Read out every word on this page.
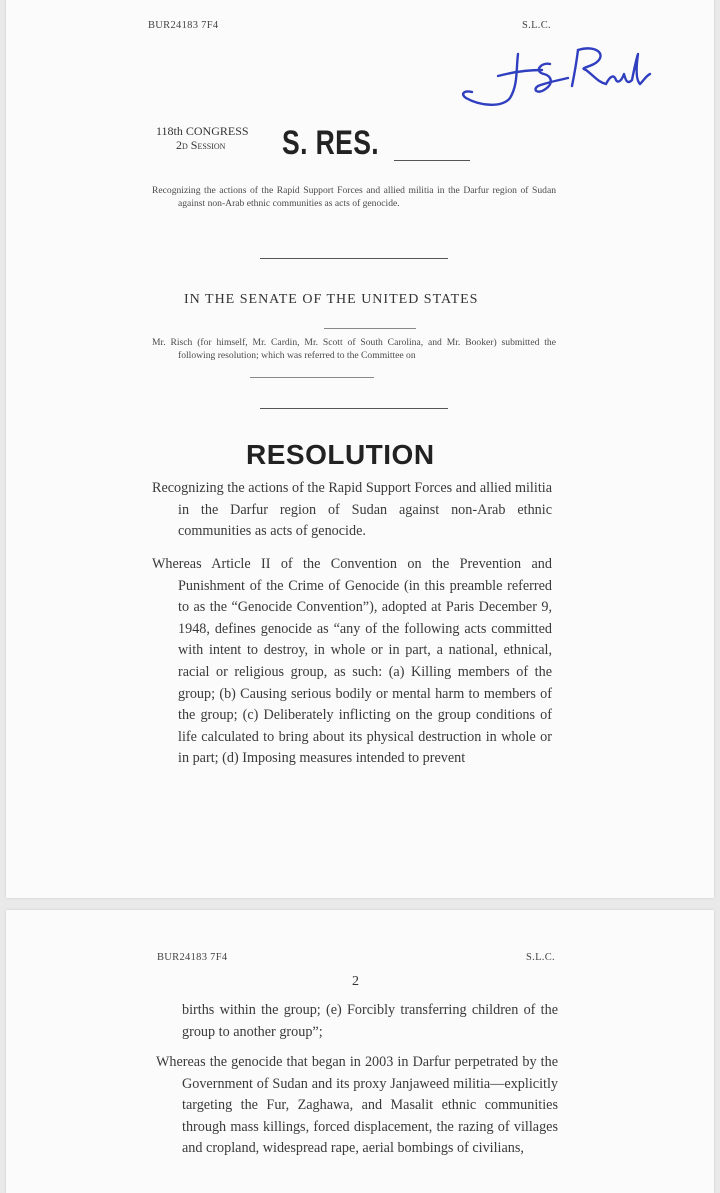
BUR24183 7F4	S.L.C.
118th CONGRESS
2d Session S. RES.
Recognizing the actions of the Rapid Support Forces and allied militia in the Darfur region of Sudan against non-Arab ethnic communities as acts of genocide.
IN THE SENATE OF THE UNITED STATES
Mr. Risch (for himself, Mr. Cardin, Mr. Scott of South Carolina, and Mr. Booker) submitted the following resolution; which was referred to the Committee on
RESOLUTION
Recognizing the actions of the Rapid Support Forces and allied militia in the Darfur region of Sudan against non-Arab ethnic communities as acts of genocide.
Whereas Article II of the Convention on the Prevention and Punishment of the Crime of Genocide (in this preamble referred to as the “Genocide Convention”), adopted at Paris December 9, 1948, defines genocide as “any of the following acts committed with intent to destroy, in whole or in part, a national, ethnical, racial or religious group, as such: (a) Killing members of the group; (b) Causing serious bodily or mental harm to members of the group; (c) Deliberately inflicting on the group conditions of life calculated to bring about its physical destruction in whole or in part; (d) Imposing measures intended to prevent
BUR24183 7F4	S.L.C.
2
births within the group; (e) Forcibly transferring children of the group to another group”;
Whereas the genocide that began in 2003 in Darfur perpetrated by the Government of Sudan and its proxy Janjaweed militia—explicitly targeting the Fur, Zaghawa, and Masalit ethnic communities through mass killings, forced displacement, the razing of villages and cropland, widespread rape, aerial bombings of civilians,
